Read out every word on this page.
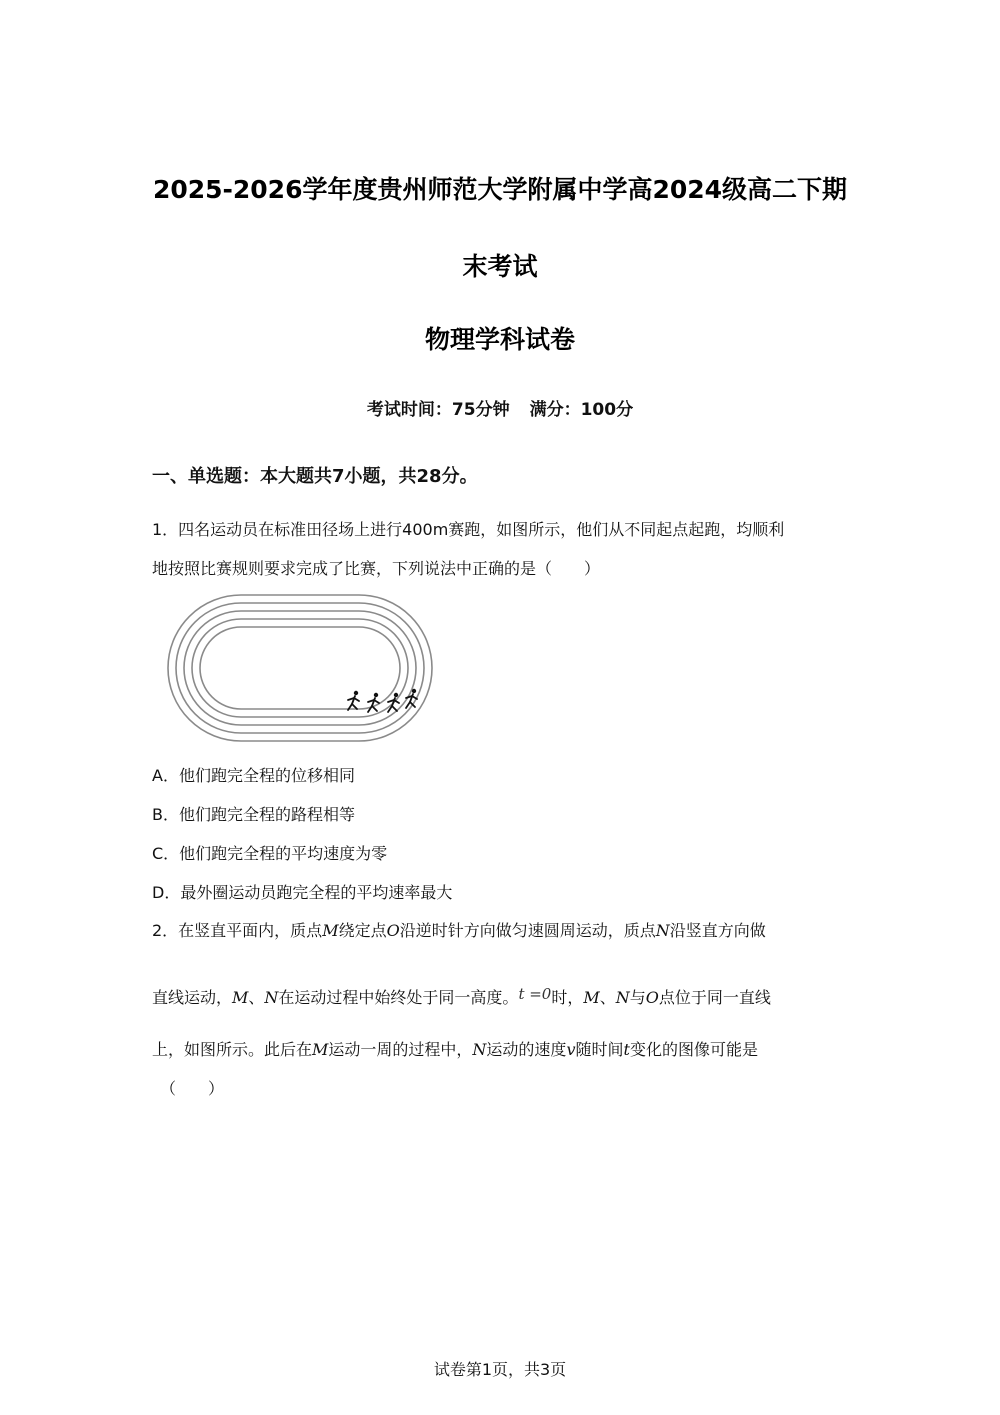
2025-2026学年度贵州师范大学附属中学高2024级高二下期
末考试
物理学科试卷
考试时间：75分钟 满分：100分
一、单选题：本大题共7小题，共28分。
1．四名运动员在标准田径场上进行400m赛跑，如图所示，他们从不同起点起跑，均顺利
地按照比赛规则要求完成了比赛，下列说法中正确的是（　　）
A．他们跑完全程的位移相同
B．他们跑完全程的路程相等
C．他们跑完全程的平均速度为零
D．最外圈运动员跑完全程的平均速率最大
2．在竖直平面内，质点M绕定点O沿逆时针方向做匀速圆周运动，质点N沿竖直方向做
直线运动，M、N在运动过程中始终处于同一高度。t =0时，M、N与O点位于同一直线
上，如图所示。此后在M运动一周的过程中，N运动的速度v随时间t变化的图像可能是
（　　）
试卷第1页，共3页
